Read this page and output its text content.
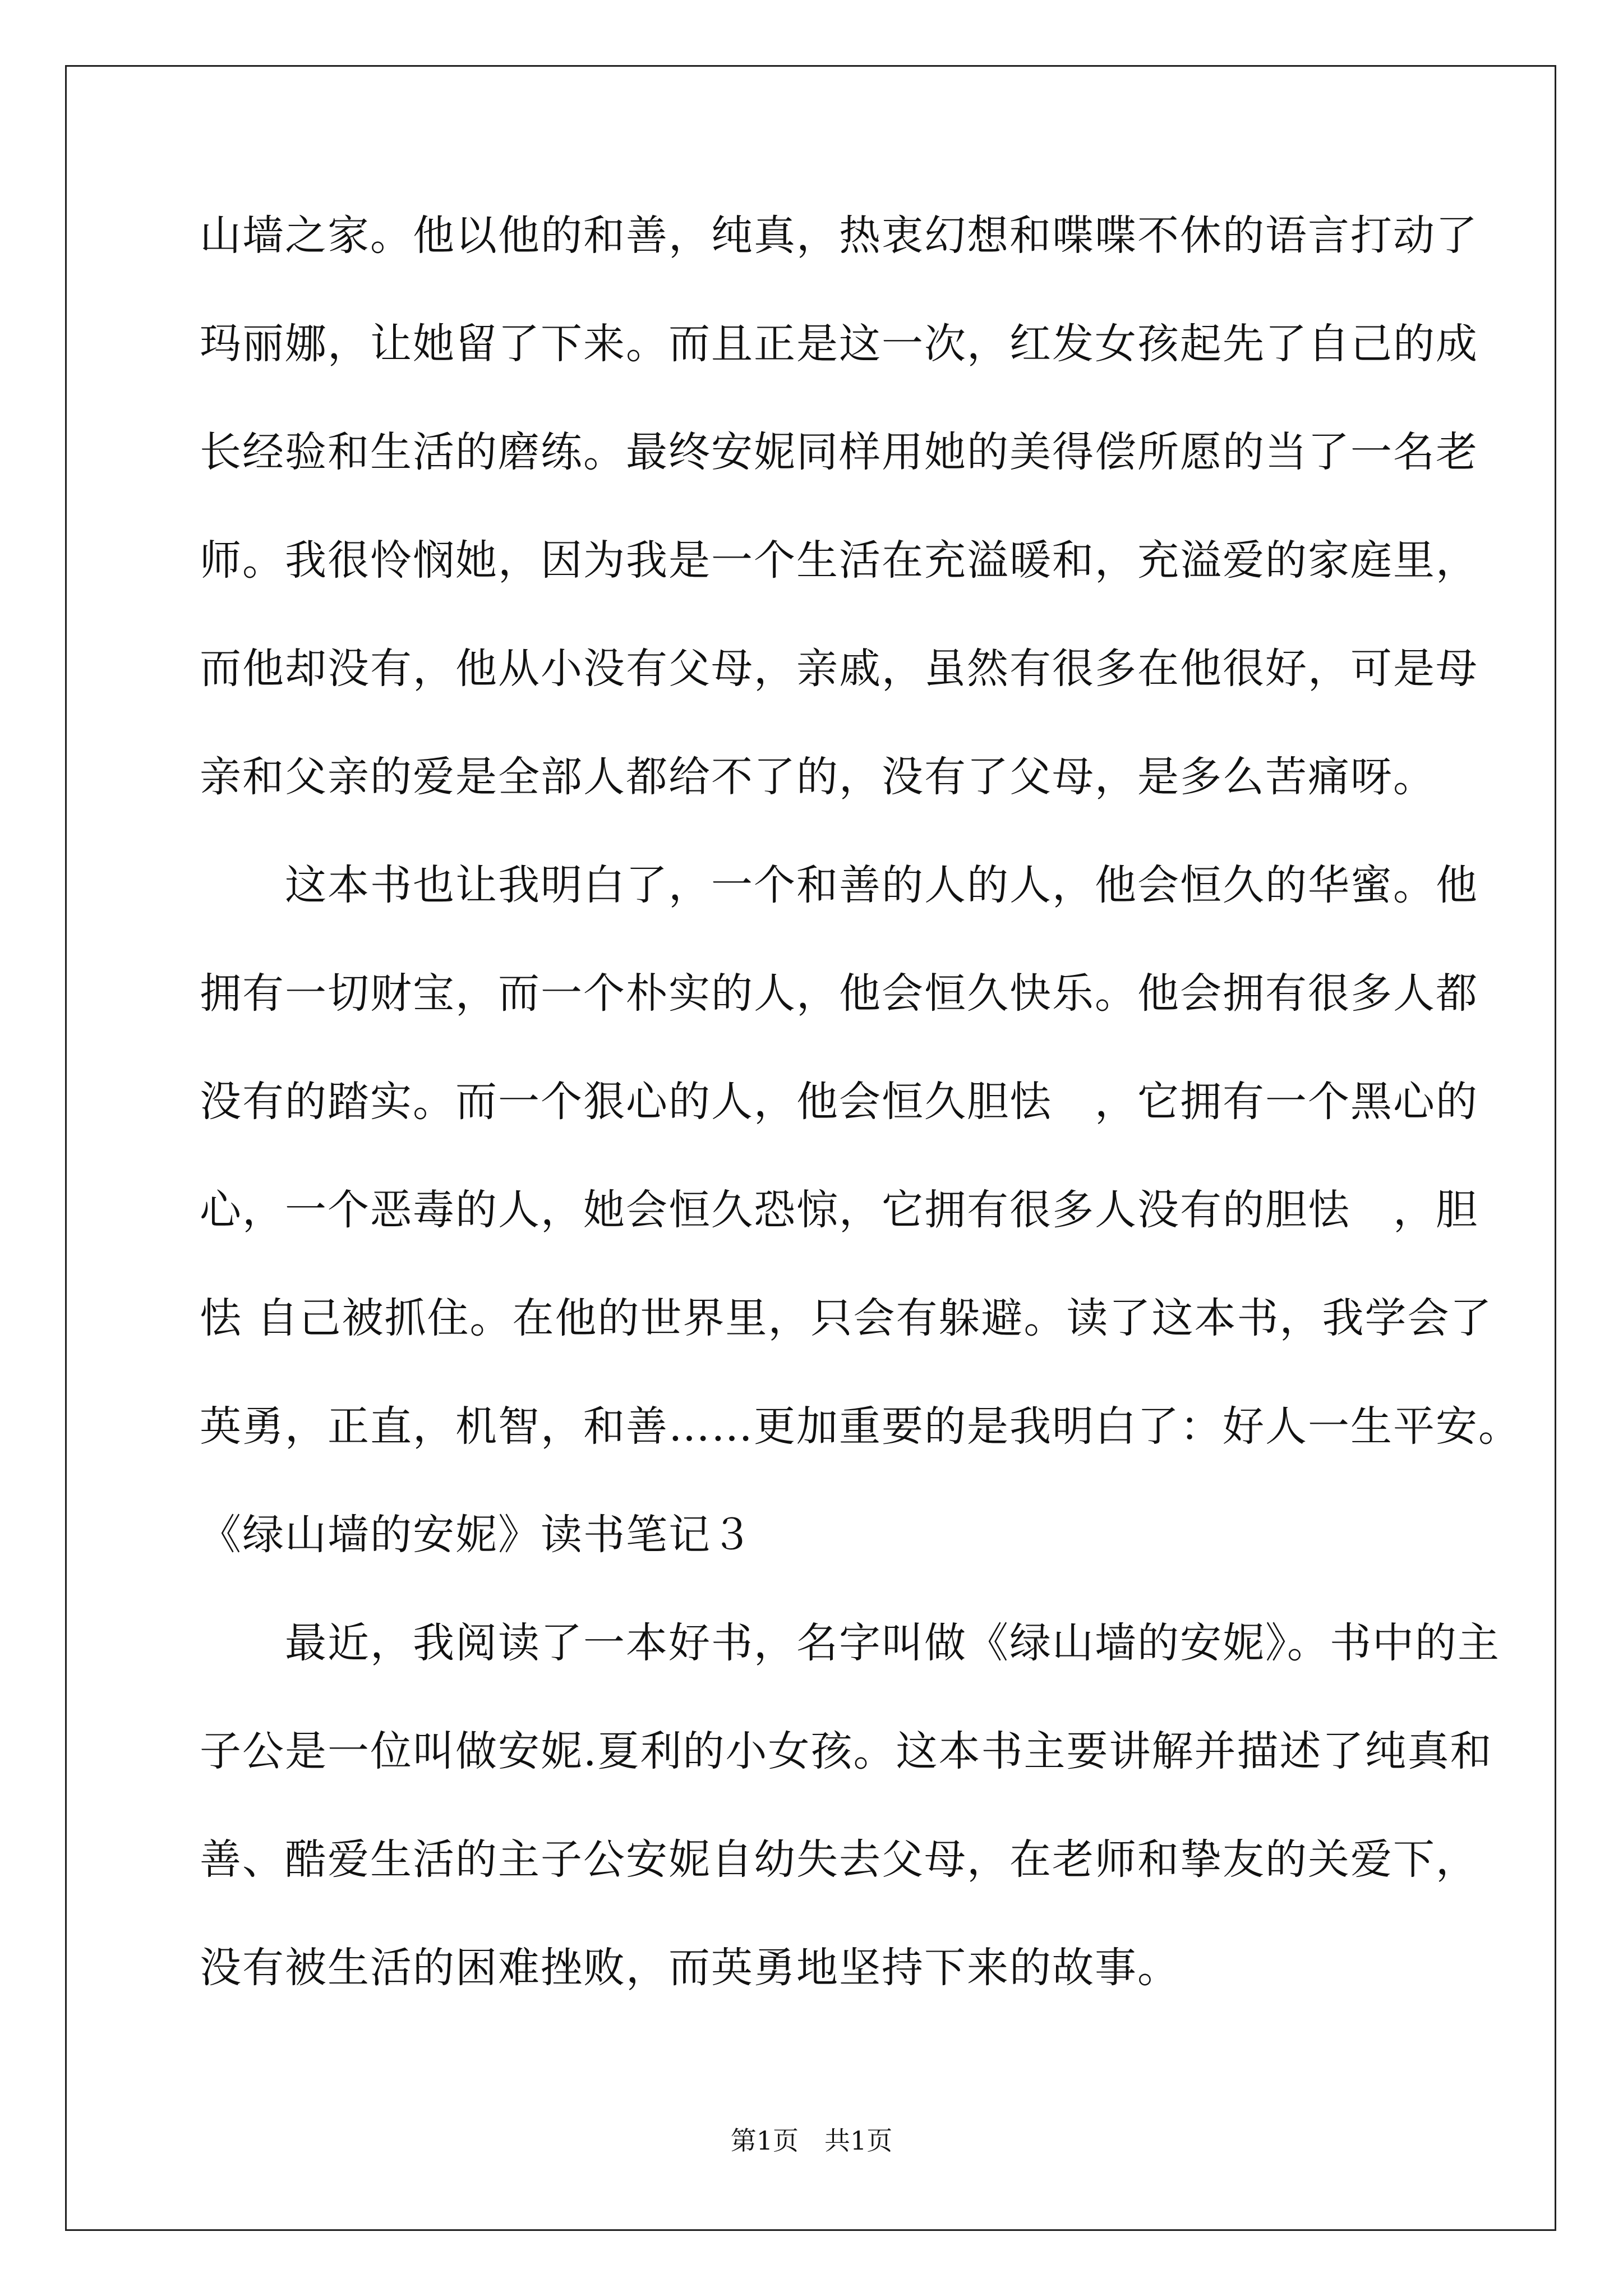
山墙之家。他以他的和善，纯真，热衷幻想和喋喋不休的语言打动了
玛丽娜，让她留了下来。而且正是这一次，红发女孩起先了自己的成
长经验和生活的磨练。最终安妮同样用她的美得偿所愿的当了一名老
师。我很怜悯她，因为我是一个生活在充溢暖和，充溢爱的家庭里，
而他却没有，他从小没有父母，亲戚，虽然有很多在他很好，可是母
亲和父亲的爱是全部人都给不了的，没有了父母，是多么苦痛呀。
　　这本书也让我明白了，一个和善的人的人，他会恒久的华蜜。他
拥有一切财宝，而一个朴实的人，他会恒久快乐。他会拥有很多人都
没有的踏实。而一个狠心的人，他会恒久胆怯　，它拥有一个黑心的
心，一个恶毒的人，她会恒久恐惊，它拥有很多人没有的胆怯　，胆
怯 自己被抓住。在他的世界里，只会有躲避。读了这本书，我学会了
英勇，正直，机智，和善……更加重要的是我明白了：好人一生平安。
《绿山墙的安妮》读书笔记３
　　最近，我阅读了一本好书，名字叫做《绿山墙的安妮》。书中的主
子公是一位叫做安妮.夏利的小女孩。这本书主要讲解并描述了纯真和
善、酷爱生活的主子公安妮自幼失去父母，在老师和挚友的关爱下，
没有被生活的困难挫败，而英勇地坚持下来的故事。
第1页　共1页
